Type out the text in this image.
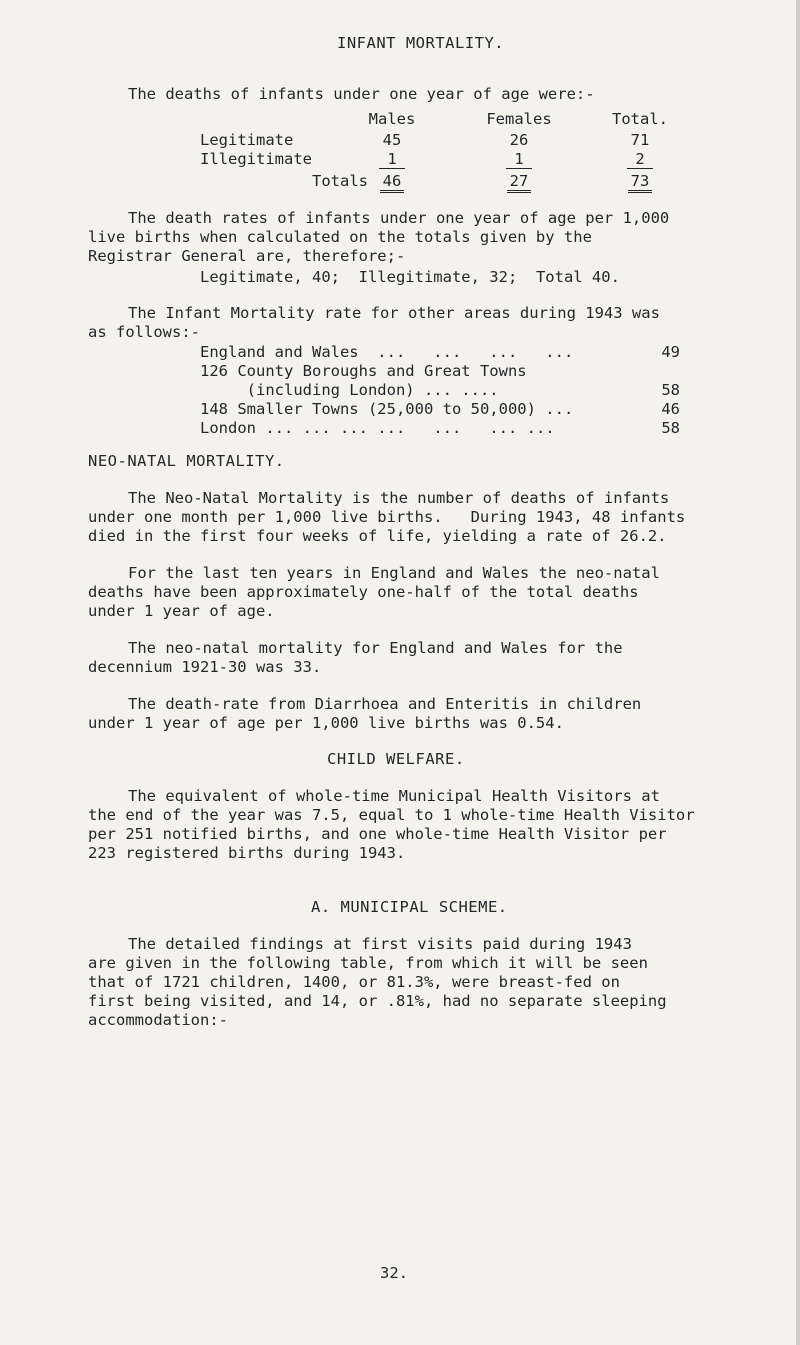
INFANT MORTALITY.
The deaths of infants under one year of age were:-
Males	Females	Total.
Legitimate	45	26	71
Illegitimate	1	1	2
Totals 46	27	73
The death rates of infants under one year of age per 1,000
live births when calculated on the totals given by the
Registrar General are, therefore;-
Legitimate, 40;  Illegitimate, 32;  Total 40.
The Infant Mortality rate for other areas during 1943 was
as follows:-
England and Wales  ...   ...   ...   ...	49
126 County Boroughs and Great Towns
(including London) ... ....	58
148 Smaller Towns (25,000 to 50,000) ...	46
London ... ... ... ...   ...   ... ...	58
NEO-NATAL MORTALITY.
The Neo-Natal Mortality is the number of deaths of infants
under one month per 1,000 live births.   During 1943, 48 infants
died in the first four weeks of life, yielding a rate of 26.2.
For the last ten years in England and Wales the neo-natal
deaths have been approximately one-half of the total deaths
under 1 year of age.
The neo-natal mortality for England and Wales for the
decennium 1921-30 was 33.
The death-rate from Diarrhoea and Enteritis in children
under 1 year of age per 1,000 live births was 0.54.
CHILD WELFARE.
The equivalent of whole-time Municipal Health Visitors at
the end of the year was 7.5, equal to 1 whole-time Health Visitor
per 251 notified births, and one whole-time Health Visitor per
223 registered births during 1943.
A. MUNICIPAL SCHEME.
The detailed findings at first visits paid during 1943
are given in the following table, from which it will be seen
that of 1721 children, 1400, or 81.3%, were breast-fed on
first being visited, and 14, or .81%, had no separate sleeping
accommodation:-
32.
